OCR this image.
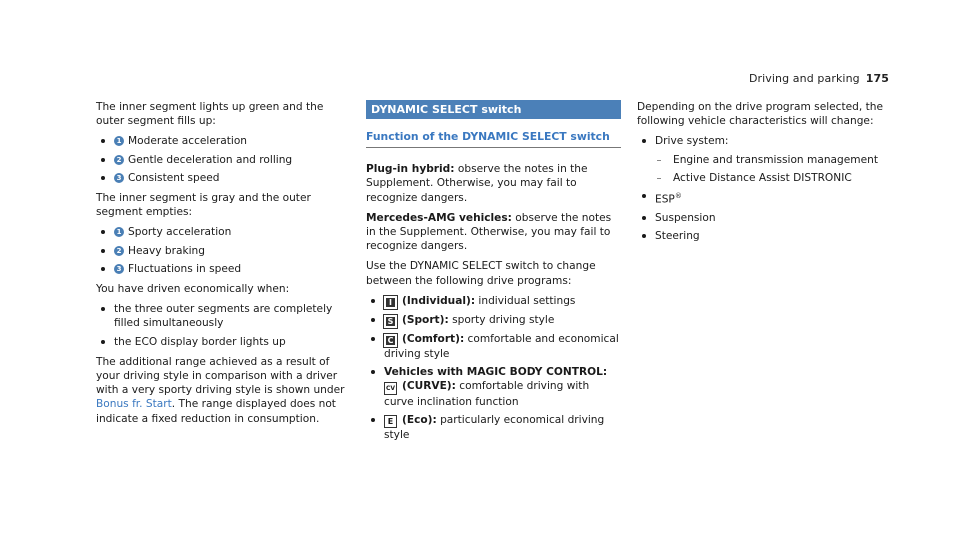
Driving and parking 175

The inner segment lights up green and the outer segment fills up:

1 Moderate acceleration
2 Gentle deceleration and rolling
3 Consistent speed

The inner segment is gray and the outer segment empties:

1 Sporty acceleration
2 Heavy braking
3 Fluctuations in speed

You have driven economically when:

the three outer segments are completely filled simultaneously
the ECO display border lights up

The additional range achieved as a result of your driving style in comparison with a driver with a very sporty driving style is shown under Bonus fr. Start. The range displayed does not indicate a fixed reduction in consumption.

DYNAMIC SELECT switch
Function of the DYNAMIC SELECT switch

Plug-in hybrid: observe the notes in the Supplement. Otherwise, you may fail to recognize dangers.

Mercedes-AMG vehicles: observe the notes in the Supplement. Otherwise, you may fail to recognize dangers.

Use the DYNAMIC SELECT switch to change between the following drive programs:

I (Individual): individual settings
S (Sport): sporty driving style
C (Comfort): comfortable and economical driving style
Vehicles with MAGIC BODY CONTROL:
CV (CURVE): comfortable driving with curve inclination function
E (Eco): particularly economical driving style

Depending on the drive program selected, the following vehicle characteristics will change:

Drive system:
Engine and transmission management
Active Distance Assist DISTRONIC
ESP®
Suspension
Steering
